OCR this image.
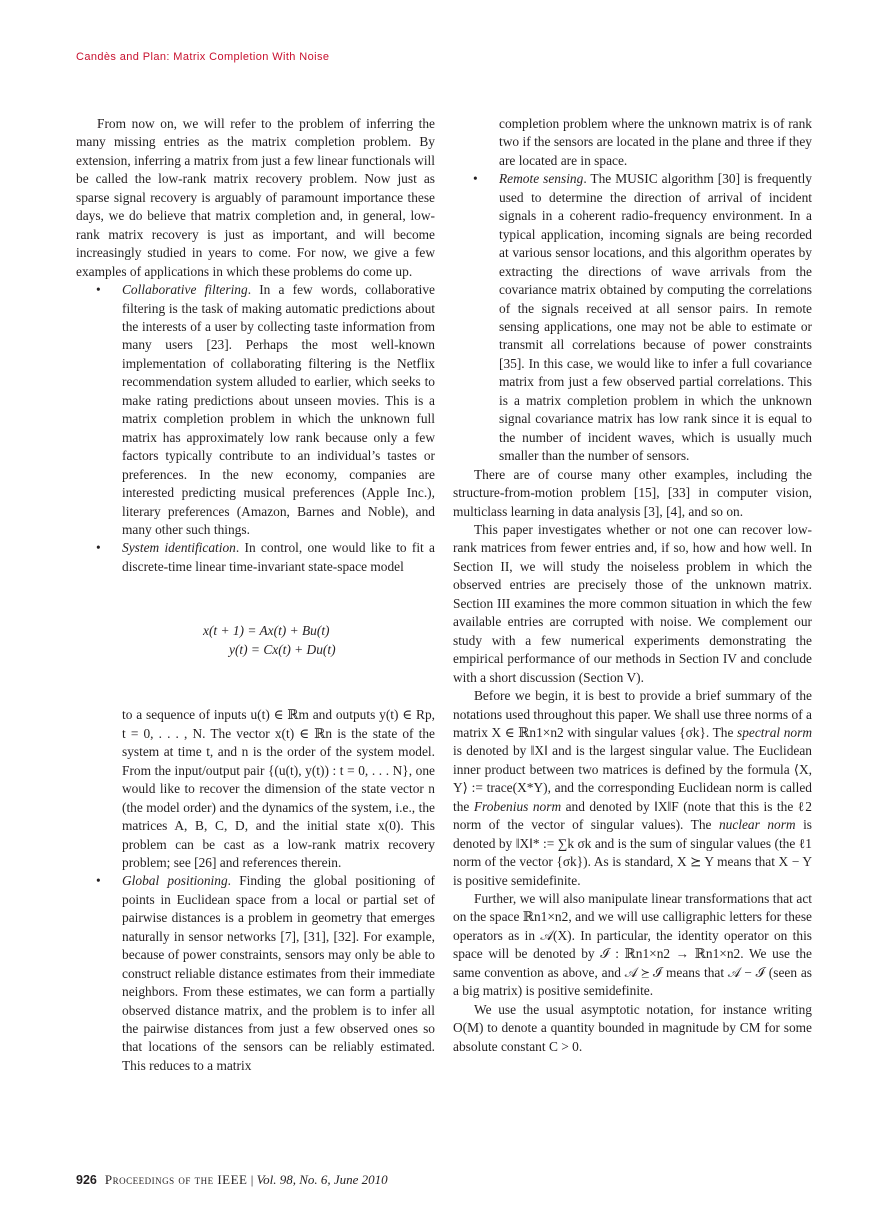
Candès and Plan: Matrix Completion With Noise

From now on, we will refer to the problem of inferring the many missing entries as the matrix completion problem. By extension, inferring a matrix from just a few linear functionals will be called the low-rank matrix recovery problem. Now just as sparse signal recovery is arguably of paramount importance these days, we do believe that matrix completion and, in general, low-rank matrix recovery is just as important, and will become increasingly studied in years to come. For now, we give a few examples of applications in which these problems do come up.

• Collaborative filtering. In a few words, collaborative filtering is the task of making automatic predictions about the interests of a user by collecting taste information from many users [23]. Perhaps the most well-known implementation of collaborating filtering is the Netflix recommendation system alluded to earlier, which seeks to make rating predictions about unseen movies. This is a matrix completion problem in which the unknown full matrix has approximately low rank because only a few factors typically contribute to an individual’s tastes or preferences. In the new economy, companies are interested predicting musical preferences (Apple Inc.), literary preferences (Amazon, Barnes and Noble), and many other such things.
• System identification. In control, one would like to fit a discrete-time linear time-invariant state-space model
x(t + 1) = Ax(t) + Bu(t)
y(t) = Cx(t) + Du(t)
to a sequence of inputs u(t) ∈ ℝm and outputs y(t) ∈ Rp, t = 0, . . . , N. The vector x(t) ∈ ℝn is the state of the system at time t, and n is the order of the system model. From the input/output pair {(u(t), y(t)) : t = 0, . . . N}, one would like to recover the dimension of the state vector n (the model order) and the dynamics of the system, i.e., the matrices A, B, C, D, and the initial state x(0). This problem can be cast as a low-rank matrix recovery problem; see [26] and references therein.
• Global positioning. Finding the global positioning of points in Euclidean space from a local or partial set of pairwise distances is a problem in geometry that emerges naturally in sensor networks [7], [31], [32]. For example, because of power constraints, sensors may only be able to construct reliable distance estimates from their immediate neighbors. From these estimates, we can form a partially observed distance matrix, and the problem is to infer all the pairwise distances from just a few observed ones so that locations of the sensors can be reliably estimated. This reduces to a matrix
completion problem where the unknown matrix is of rank two if the sensors are located in the plane and three if they are located are in space.
• Remote sensing. The MUSIC algorithm [30] is frequently used to determine the direction of arrival of incident signals in a coherent radio-frequency environment. In a typical application, incoming signals are being recorded at various sensor locations, and this algorithm operates by extracting the directions of wave arrivals from the covariance matrix obtained by computing the correlations of the signals received at all sensor pairs. In remote sensing applications, one may not be able to estimate or transmit all correlations because of power constraints [35]. In this case, we would like to infer a full covariance matrix from just a few observed partial correlations. This is a matrix completion problem in which the unknown signal covariance matrix has low rank since it is equal to the number of incident waves, which is usually much smaller than the number of sensors.

There are of course many other examples, including the structure-from-motion problem [15], [33] in computer vision, multiclass learning in data analysis [3], [4], and so on.

This paper investigates whether or not one can recover low-rank matrices from fewer entries and, if so, how and how well. In Section II, we will study the noiseless problem in which the observed entries are precisely those of the unknown matrix. Section III examines the more common situation in which the few available entries are corrupted with noise. We complement our study with a few numerical experiments demonstrating the empirical performance of our methods in Section IV and conclude with a short discussion (Section V).

Before we begin, it is best to provide a brief summary of the notations used throughout this paper. We shall use three norms of a matrix X ∈ ℝn1×n2 with singular values {σk}. The spectral norm is denoted by ‖X‖ and is the largest singular value. The Euclidean inner product between two matrices is defined by the formula ⟨X, Y⟩ := trace(X*Y), and the corresponding Euclidean norm is called the Frobenius norm and denoted by ‖X‖F (note that this is the ℓ2 norm of the vector of singular values). The nuclear norm is denoted by ‖X‖* := ∑k σk and is the sum of singular values (the ℓ1 norm of the vector {σk}). As is standard, X ⪰ Y means that X − Y is positive semidefinite.

Further, we will also manipulate linear transformations that act on the space ℝn1×n2, and we will use calligraphic letters for these operators as in 𝒜(X). In particular, the identity operator on this space will be denoted by ℐ : ℝn1×n2 → ℝn1×n2. We use the same convention as above, and 𝒜 ⪰ ℐ means that 𝒜 − ℐ (seen as a big matrix) is positive semidefinite.

We use the usual asymptotic notation, for instance writing O(M) to denote a quantity bounded in magnitude by CM for some absolute constant C > 0.

926 Proceedings of the IEEE | Vol. 98, No. 6, June 2010
